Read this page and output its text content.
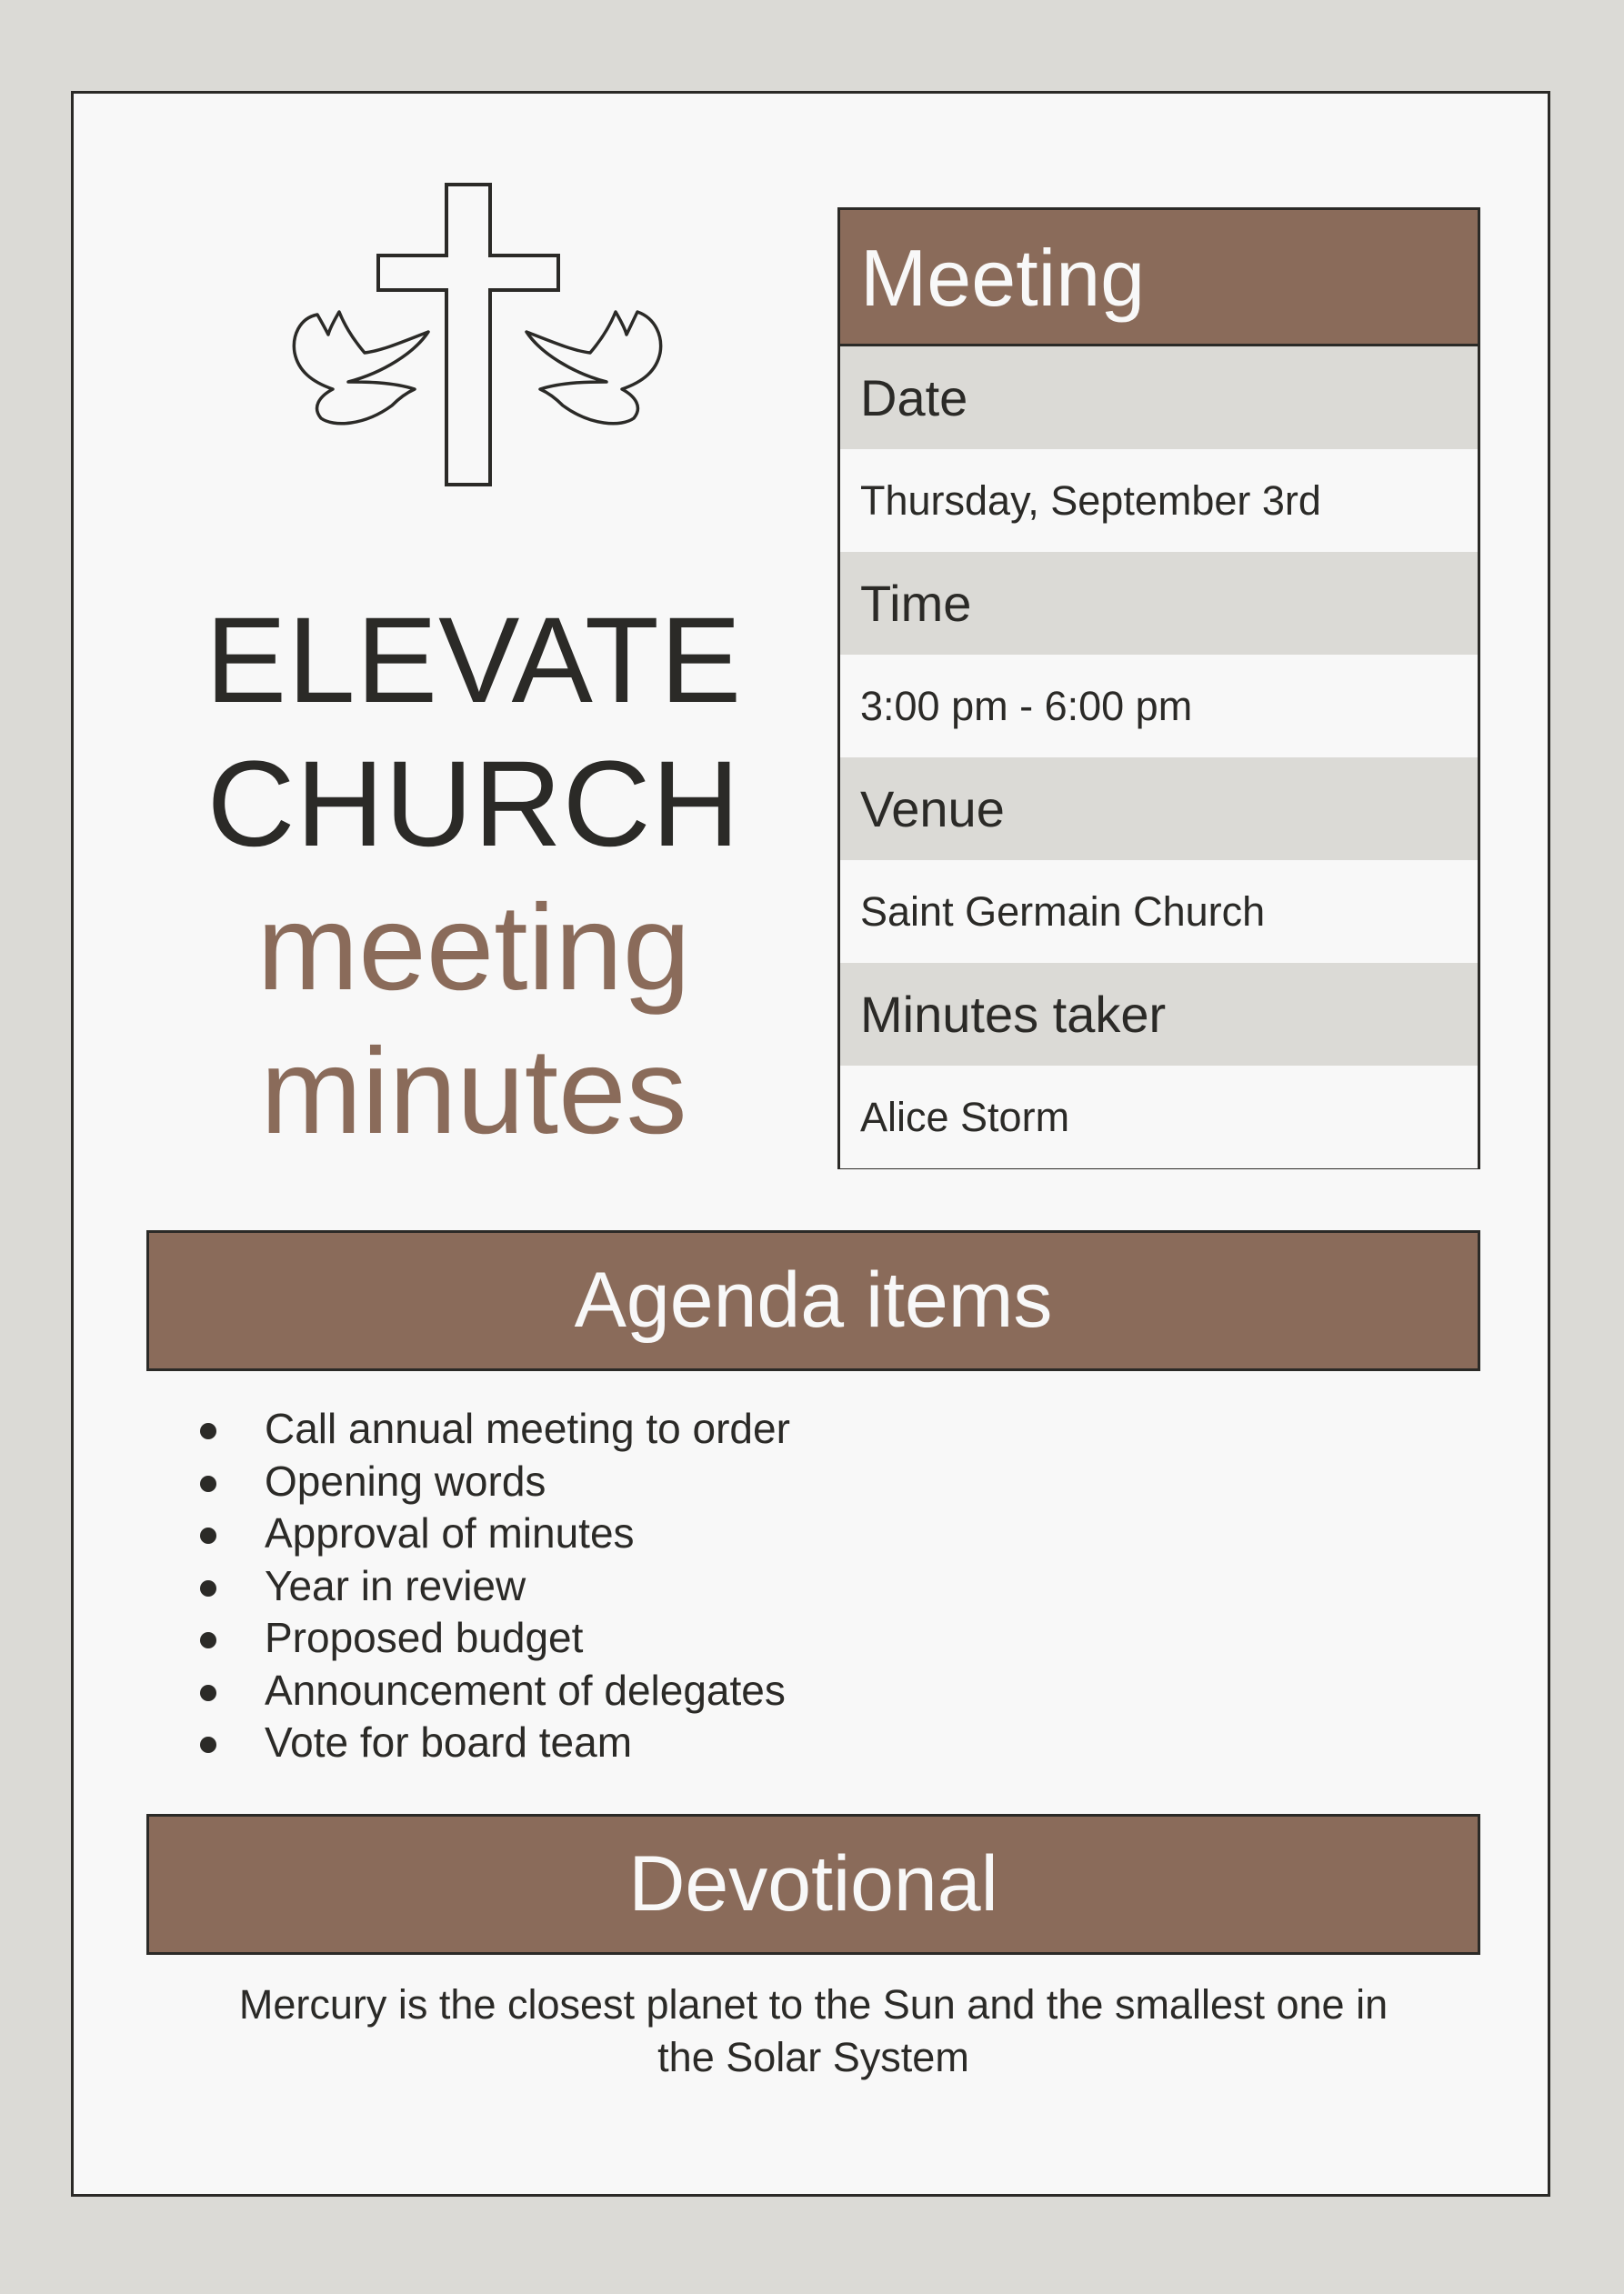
ELEVATE
CHURCH
meeting
minutes
Meeting
Date
Thursday, September 3rd
Time
3:00 pm - 6:00 pm
Venue
Saint Germain Church
Minutes taker
Alice Storm
Agenda items
Call annual meeting to order
Opening words
Approval of minutes
Year in review
Proposed budget
Announcement of delegates
Vote for board team
Devotional
Mercury is the closest planet to the Sun and the smallest one in
the Solar System
